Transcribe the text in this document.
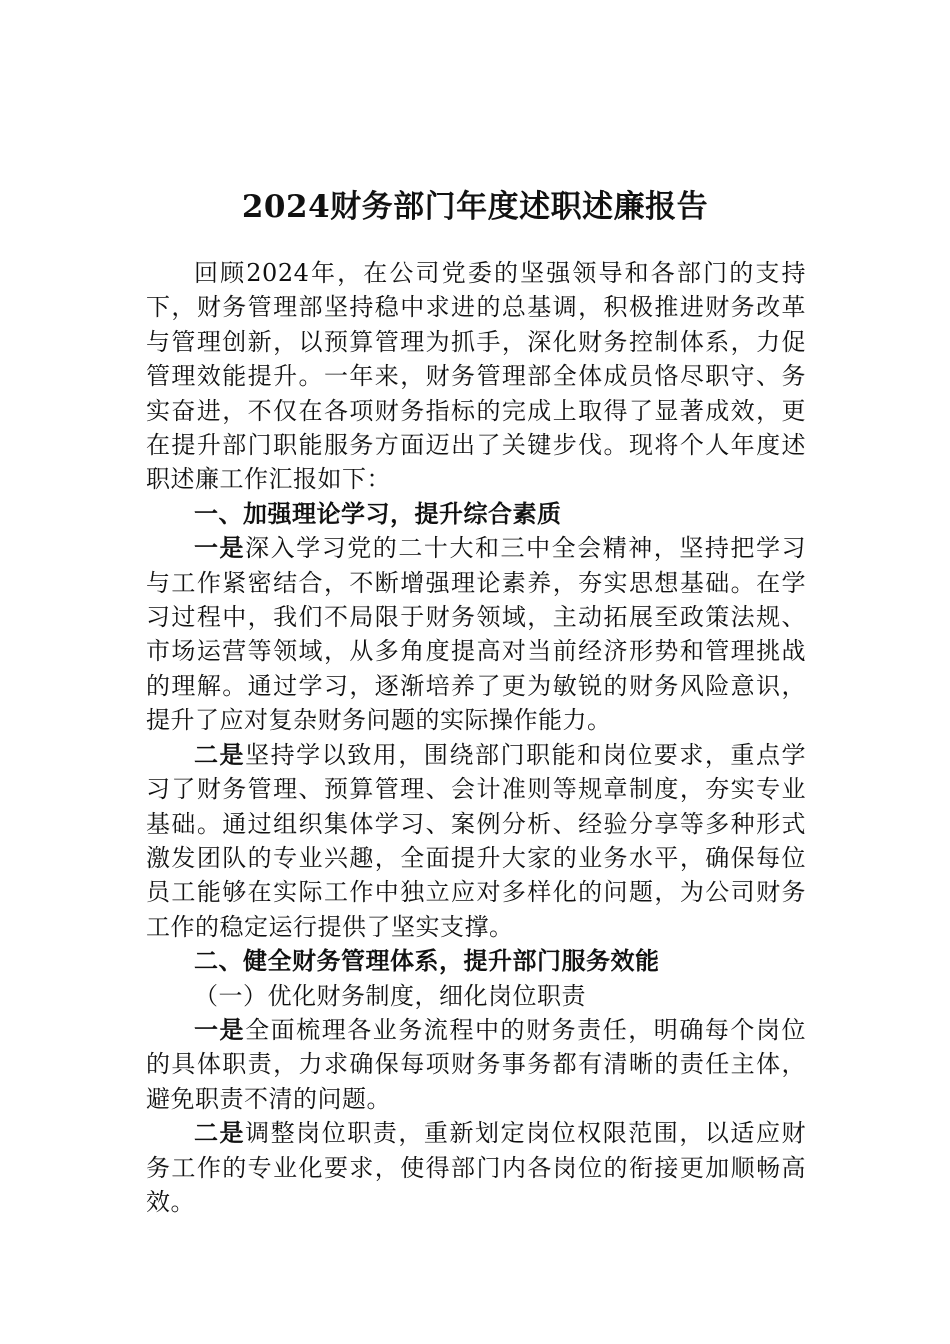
2024财务部门年度述职述廉报告

回顾2024年，在公司党委的坚强领导和各部门的支持下，财务管理部坚持稳中求进的总基调，积极推进财务改革与管理创新，以预算管理为抓手，深化财务控制体系，力促管理效能提升。一年来，财务管理部全体成员恪尽职守、务实奋进，不仅在各项财务指标的完成上取得了显著成效，更在提升部门职能服务方面迈出了关键步伐。现将个人年度述职述廉工作汇报如下：

一、加强理论学习，提升综合素质

一是深入学习党的二十大和三中全会精神，坚持把学习与工作紧密结合，不断增强理论素养，夯实思想基础。在学习过程中，我们不局限于财务领域，主动拓展至政策法规、市场运营等领域，从多角度提高对当前经济形势和管理挑战的理解。通过学习，逐渐培养了更为敏锐的财务风险意识，提升了应对复杂财务问题的实际操作能力。

二是坚持学以致用，围绕部门职能和岗位要求，重点学习了财务管理、预算管理、会计准则等规章制度，夯实专业基础。通过组织集体学习、案例分析、经验分享等多种形式激发团队的专业兴趣，全面提升大家的业务水平，确保每位员工能够在实际工作中独立应对多样化的问题，为公司财务工作的稳定运行提供了坚实支撑。

二、健全财务管理体系，提升部门服务效能

（一）优化财务制度，细化岗位职责

一是全面梳理各业务流程中的财务责任，明确每个岗位的具体职责，力求确保每项财务事务都有清晰的责任主体，避免职责不清的问题。

二是调整岗位职责，重新划定岗位权限范围，以适应财务工作的专业化要求，使得部门内各岗位的衔接更加顺畅高效。
